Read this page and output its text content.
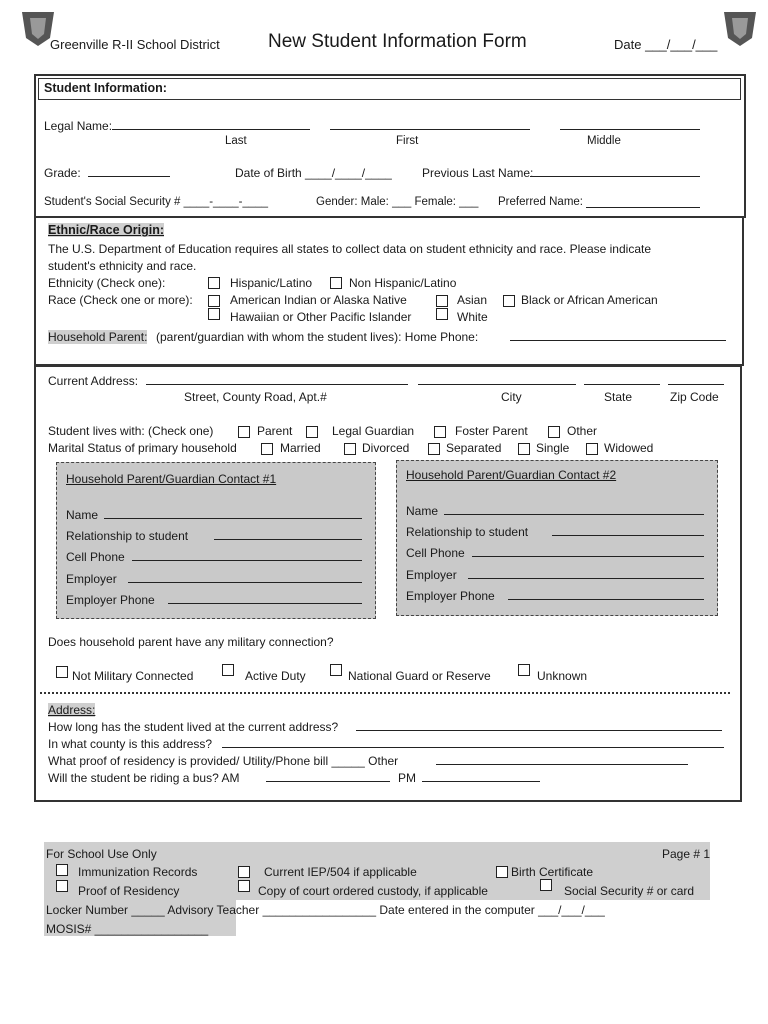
Greenville R-II School District	New Student Information Form	Date ___/___/___
Student Information:
Legal Name:
Last	First	Middle
Grade:	Date of Birth ____/____/____	Previous Last Name:
Student's Social Security # ____-____-____	Gender: Male: ___ Female: ___ Preferred Name:
Ethnic/Race Origin:
The U.S. Department of Education requires all states to collect data on student ethnicity and race. Please indicate
student's ethnicity and race.
Ethnicity (Check one):	Hispanic/Latino	Non Hispanic/Latino
Race (Check one or more):	American Indian or Alaska Native	Asian	Black or African American
Hawaiian or Other Pacific Islander	White
Household Parent: (parent/guardian with whom the student lives): Home Phone:
Current Address:
Street, County Road, Apt.#	City	State	Zip Code
Student lives with: (Check one)	Parent	Legal Guardian	Foster Parent	Other
Marital Status of primary household	Married	Divorced	Separated	Single	Widowed
Household Parent/Guardian Contact #1
Name
Relationship to student
Cell Phone
Employer
Employer Phone
Household Parent/Guardian Contact #2
Name
Relationship to student
Cell Phone
Employer
Employer Phone
Does household parent have any military connection?
Not Military Connected	Active Duty	National Guard or Reserve	Unknown
Address:
How long has the student lived at the current address?
In what county is this address?
What proof of residency is provided/ Utility/Phone bill _____ Other
Will the student be riding a bus? AM	PM
For School Use Only	Page # 1
Immunization Records	Current IEP/504 if applicable	Birth Certificate
Proof of Residency	Copy of court ordered custody, if applicable	Social Security # or card
Locker Number _____ Advisory Teacher _________________ Date entered in the computer ___/___/___
MOSIS# _________________
